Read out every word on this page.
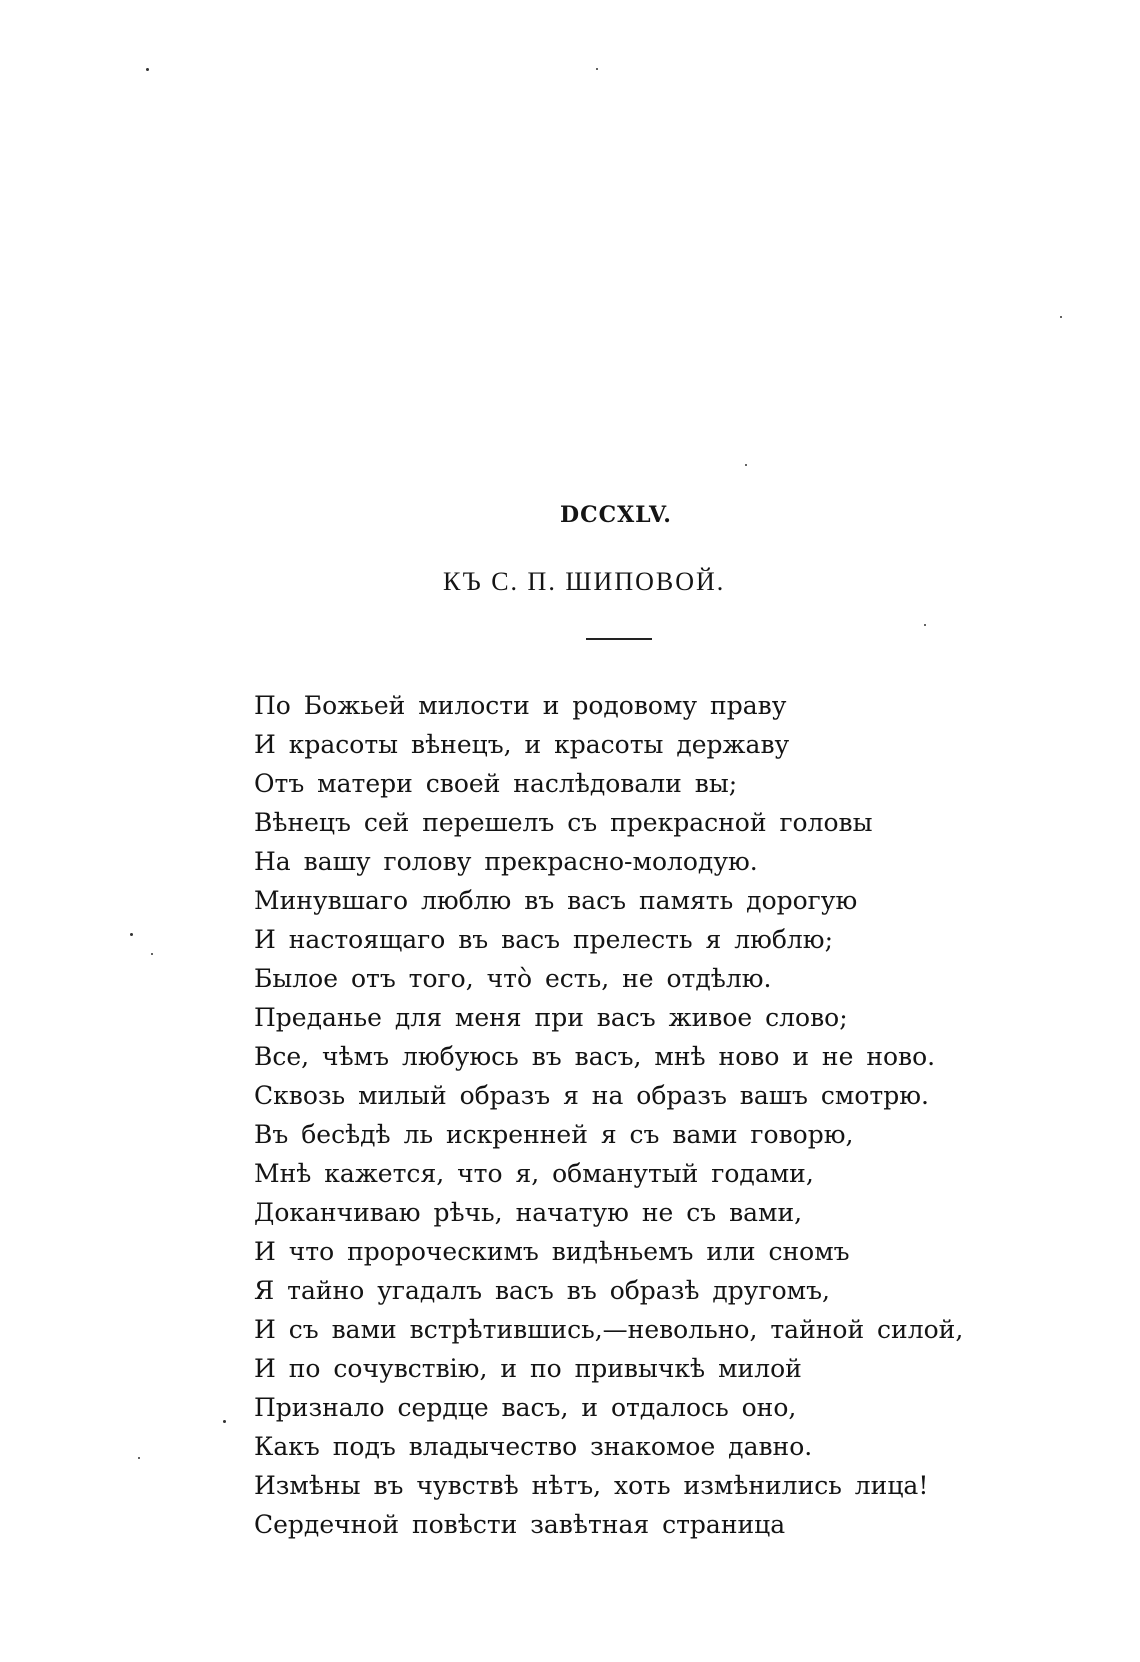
DCCXLV.
КЪ С. П. ШИПОВОЙ.
По Божьей милости и родовому праву
И красоты вѣнецъ, и красоты державу
Отъ матери своей наслѣдовали вы;
Вѣнецъ сей перешелъ съ прекрасной головы
На вашу голову прекрасно-молодую.
Минувшаго люблю въ васъ память дорогую
И настоящаго въ васъ прелесть я люблю;
Былое отъ того, что̀ есть, не отдѣлю.
Преданье для меня при васъ живое слово;
Все, чѣмъ любуюсь въ васъ, мнѣ ново и не ново.
Сквозь милый образъ я на образъ вашъ смотрю.
Въ бесѣдѣ ль искренней я съ вами говорю,
Мнѣ кажется, что я, обманутый годами,
Доканчиваю рѣчь, начатую не съ вами,
И что пророческимъ видѣньемъ или сномъ
Я тайно угадалъ васъ въ образѣ другомъ,
И съ вами встрѣтившись,—невольно, тайной силой,
И по сочувствiю, и по привычкѣ милой
Признало сердце васъ, и отдалось оно,
Какъ подъ владычество знакомое давно.
Измѣны въ чувствѣ нѣтъ, хоть измѣнились лица!
Сердечной повѣсти завѣтная страница
